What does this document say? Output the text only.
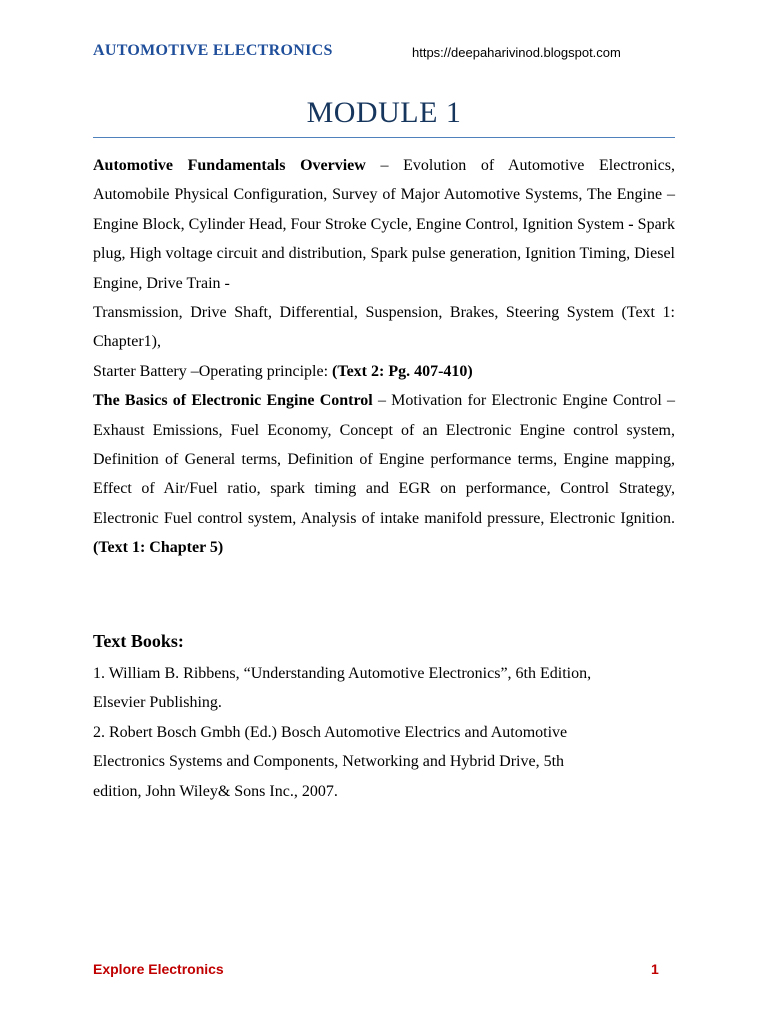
AUTOMOTIVE ELECTRONICS	https://deepaharivinod.blogspot.com
MODULE 1

Automotive Fundamentals Overview – Evolution of Automotive Electronics, Automobile Physical Configuration, Survey of Major Automotive Systems, The Engine – Engine Block, Cylinder Head, Four Stroke Cycle, Engine Control, Ignition System - Spark plug, High voltage circuit and distribution, Spark pulse generation, Ignition Timing, Diesel Engine, Drive Train -

Transmission, Drive Shaft, Differential, Suspension, Brakes, Steering System (Text 1: Chapter1),

Starter Battery –Operating principle: (Text 2: Pg. 407-410)

The Basics of Electronic Engine Control – Motivation for Electronic Engine Control – Exhaust Emissions, Fuel Economy, Concept of an Electronic Engine control system, Definition of General terms, Definition of Engine performance terms, Engine mapping, Effect of Air/Fuel ratio, spark timing and EGR on performance, Control Strategy, Electronic Fuel control system, Analysis of intake manifold pressure, Electronic Ignition. (Text 1: Chapter 5)

Text Books:

1. William B. Ribbens, “Understanding Automotive Electronics”, 6th Edition,

Elsevier Publishing.

2. Robert Bosch Gmbh (Ed.) Bosch Automotive Electrics and Automotive

Electronics Systems and Components, Networking and Hybrid Drive, 5th

edition, John Wiley& Sons Inc., 2007.

Explore Electronics	1
